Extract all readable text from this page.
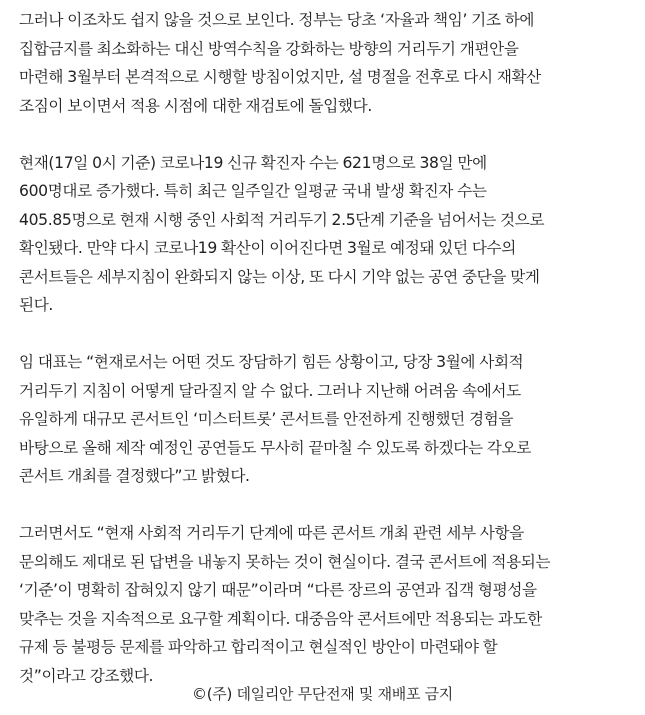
그러나 이조차도 쉽지 않을 것으로 보인다. 정부는 당초 ‘자율과 책임’ 기조 하에
집합금지를 최소화하는 대신 방역수칙을 강화하는 방향의 거리두기 개편안을
마련해 3월부터 본격적으로 시행할 방침이었지만, 설 명절을 전후로 다시 재확산
조짐이 보이면서 적용 시점에 대한 재검토에 돌입했다.

현재(17일 0시 기준) 코로나19 신규 확진자 수는 621명으로 38일 만에
600명대로 증가했다. 특히 최근 일주일간 일평균 국내 발생 확진자 수는
405.85명으로 현재 시행 중인 사회적 거리두기 2.5단계 기준을 넘어서는 것으로
확인됐다. 만약 다시 코로나19 확산이 이어진다면 3월로 예정돼 있던 다수의
콘서트들은 세부지침이 완화되지 않는 이상, 또 다시 기약 없는 공연 중단을 맞게
된다.

임 대표는 “현재로서는 어떤 것도 장담하기 힘든 상황이고, 당장 3월에 사회적
거리두기 지침이 어떻게 달라질지 알 수 없다. 그러나 지난해 어려움 속에서도
유일하게 대규모 콘서트인 ‘미스터트롯’ 콘서트를 안전하게 진행했던 경험을
바탕으로 올해 제작 예정인 공연들도 무사히 끝마칠 수 있도록 하겠다는 각오로
콘서트 개최를 결정했다”고 밝혔다.

그러면서도 “현재 사회적 거리두기 단계에 따른 콘서트 개최 관련 세부 사항을
문의해도 제대로 된 답변을 내놓지 못하는 것이 현실이다. 결국 콘서트에 적용되는
‘기준’이 명확히 잡혀있지 않기 때문”이라며 “다른 장르의 공연과 집객 형평성을
맞추는 것을 지속적으로 요구할 계획이다. 대중음악 콘서트에만 적용되는 과도한
규제 등 불평등 문제를 파악하고 합리적이고 현실적인 방안이 마련돼야 할
것”이라고 강조했다.

©(주) 데일리안 무단전재 및 재배포 금지
